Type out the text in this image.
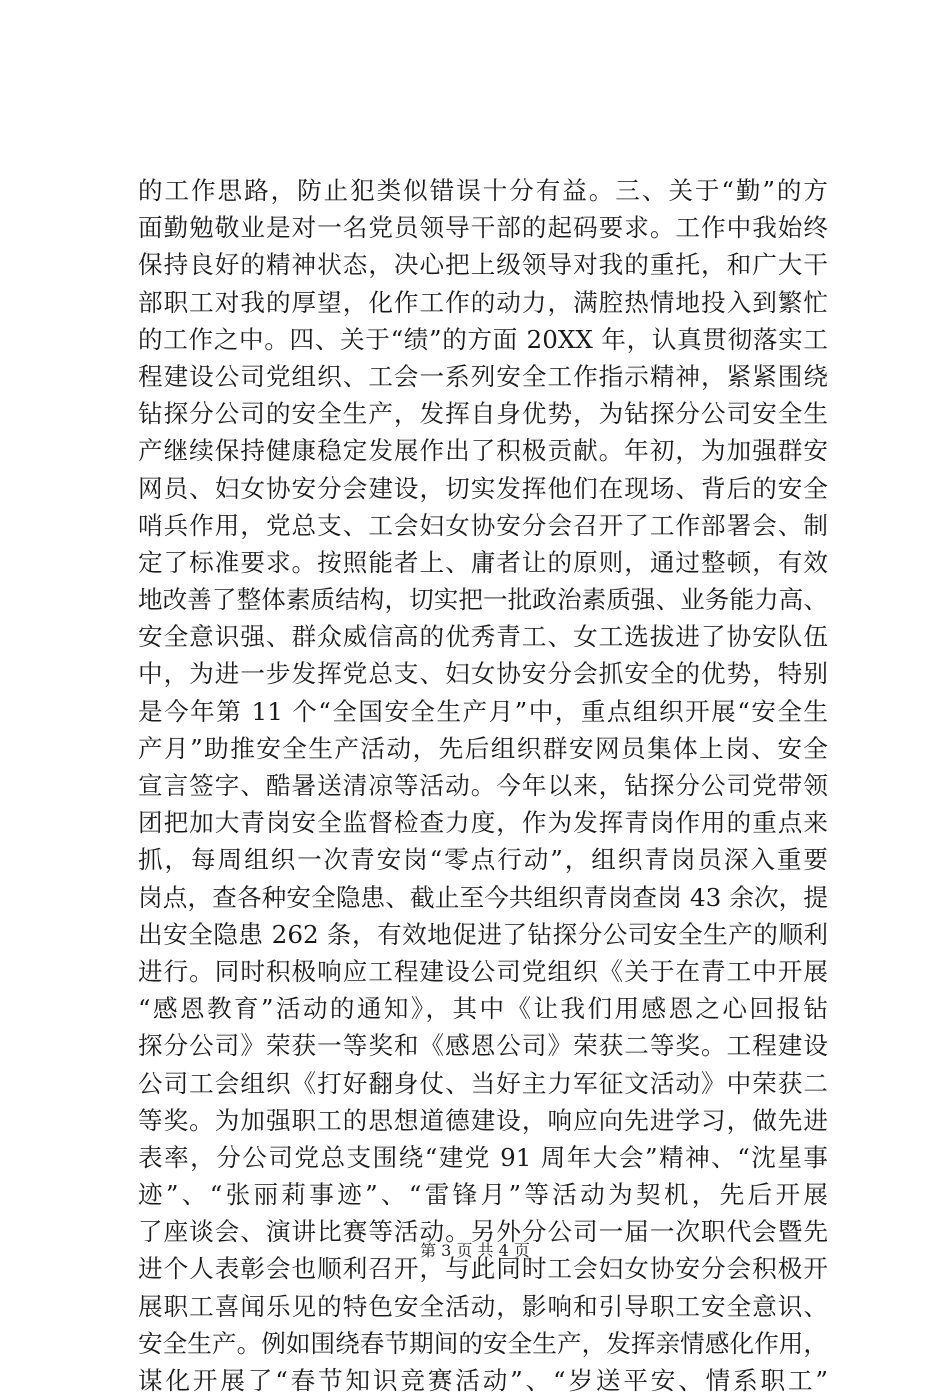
的工作思路，防止犯类似错误十分有益。三、关于“勤”的方
面勤勉敬业是对一名党员领导干部的起码要求。工作中我始终
保持良好的精神状态，决心把上级领导对我的重托，和广大干
部职工对我的厚望，化作工作的动力，满腔热情地投入到繁忙
的工作之中。四、关于“绩”的方面 20XX 年，认真贯彻落实工
程建设公司党组织、工会一系列安全工作指示精神，紧紧围绕
钻探分公司的安全生产，发挥自身优势，为钻探分公司安全生
产继续保持健康稳定发展作出了积极贡献。年初，为加强群安
网员、妇女协安分会建设，切实发挥他们在现场、背后的安全
哨兵作用，党总支、工会妇女协安分会召开了工作部署会、制
定了标准要求。按照能者上、庸者让的原则，通过整顿，有效
地改善了整体素质结构，切实把一批政治素质强、业务能力高、
安全意识强、群众威信高的优秀青工、女工选拔进了协安队伍
中，为进一步发挥党总支、妇女协安分会抓安全的优势，特别
是今年第 11 个“全国安全生产月”中，重点组织开展“安全生
产月”助推安全生产活动，先后组织群安网员集体上岗、安全
宣言签字、酷暑送清凉等活动。今年以来，钻探分公司党带领
团把加大青岗安全监督检查力度，作为发挥青岗作用的重点来
抓，每周组织一次青安岗“零点行动”，组织青岗员深入重要
岗点，查各种安全隐患、截止至今共组织青岗查岗 43 余次，提
出安全隐患 262 条，有效地促进了钻探分公司安全生产的顺利
进行。同时积极响应工程建设公司党组织《关于在青工中开展
“感恩教育”活动的通知》，其中《让我们用感恩之心回报钻
探分公司》荣获一等奖和《感恩公司》荣获二等奖。工程建设
公司工会组织《打好翻身仗、当好主力军征文活动》中荣获二
等奖。为加强职工的思想道德建设，响应向先进学习，做先进
表率，分公司党总支围绕“建党 91 周年大会”精神、“沈星事
迹”、“张丽莉事迹”、“雷锋月”等活动为契机，先后开展
了座谈会、演讲比赛等活动。另外分公司一届一次职代会暨先
进个人表彰会也顺利召开，与此同时工会妇女协安分会积极开
展职工喜闻乐见的特色安全活动，影响和引导职工安全意识、
安全生产。例如围绕春节期间的安全生产，发挥亲情感化作用，
谋化开展了“春节知识竞赛活动”、“岁送平安、情系职工”
第 3 页 共 4 页
